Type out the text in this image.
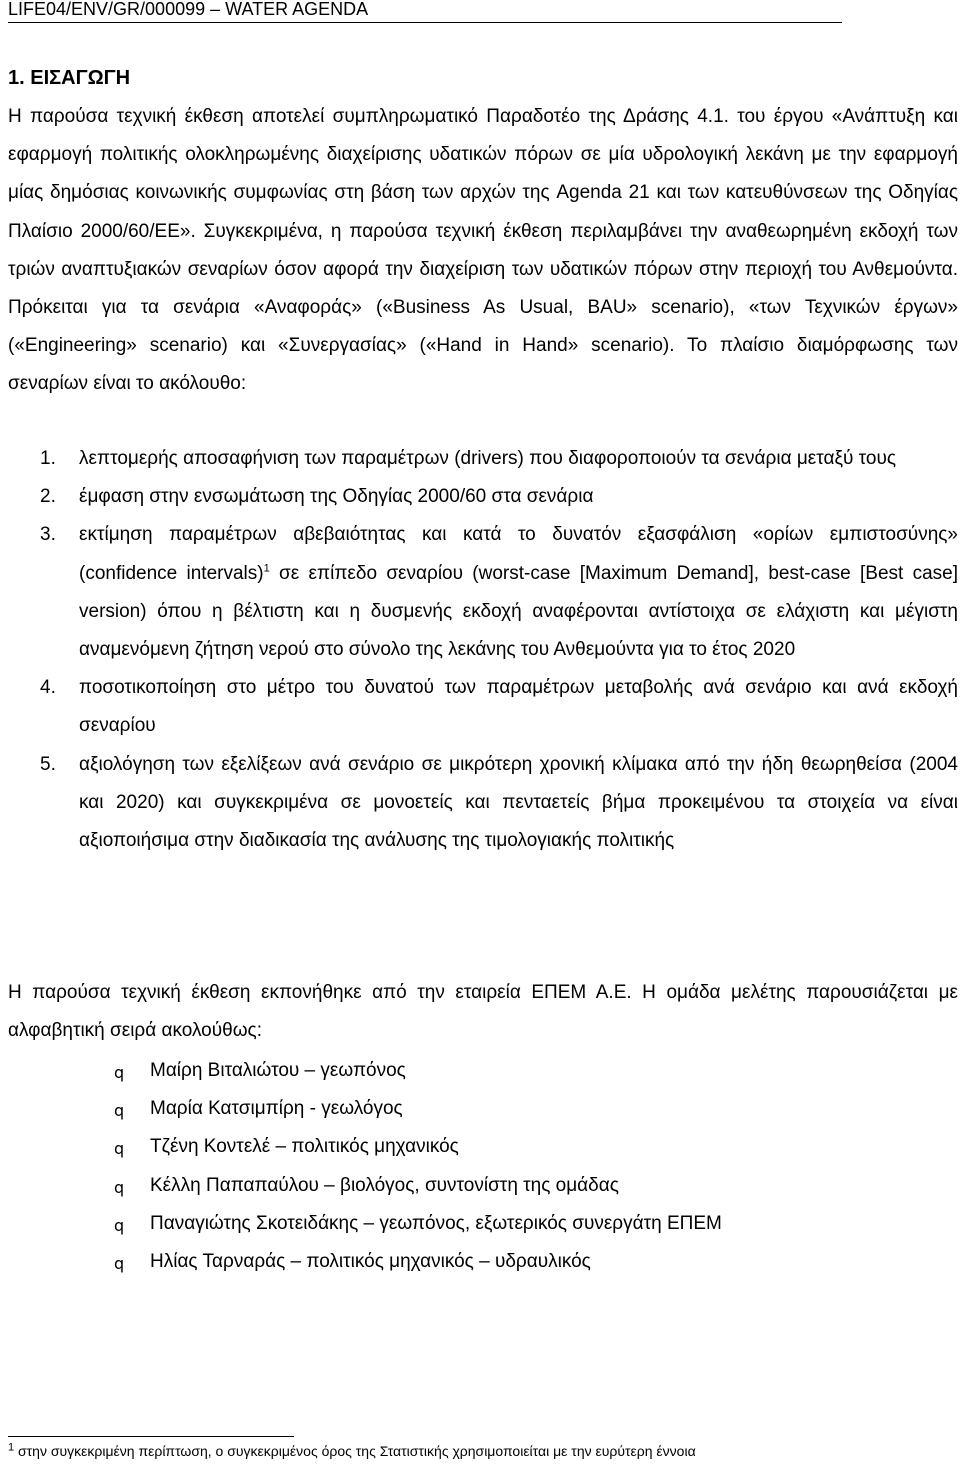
LIFE04/ENV/GR/000099 – WATER AGENDA
1. ΕΙΣΑΓΩΓΗ

Η παρούσα τεχνική έκθεση αποτελεί συμπληρωματικό Παραδοτέο της Δράσης 4.1. του έργου «Ανάπτυξη και εφαρμογή πολιτικής ολοκληρωμένης διαχείρισης υδατικών πόρων σε μία υδρολογική λεκάνη με την εφαρμογή μίας δημόσιας κοινωνικής συμφωνίας στη βάση των αρχών της Agenda 21 και των κατευθύνσεων της Οδηγίας Πλαίσιο 2000/60/ΕΕ». Συγκεκριμένα, η παρούσα τεχνική έκθεση περιλαμβάνει την αναθεωρημένη εκδοχή των τριών αναπτυξιακών σεναρίων όσον αφορά την διαχείριση των υδατικών πόρων στην περιοχή του Ανθεμούντα. Πρόκειται για τα σενάρια «Αναφοράς» («Business As Usual, BAU» scenario), «των Τεχνικών έργων» («Engineering» scenario) και «Συνεργασίας» («Hand in Hand» scenario). Το πλαίσιο διαμόρφωσης των σεναρίων είναι το ακόλουθο:

1. λεπτομερής αποσαφήνιση των παραμέτρων (drivers) που διαφοροποιούν τα σενάρια μεταξύ τους
2. έμφαση στην ενσωμάτωση της Οδηγίας 2000/60 στα σενάρια
3. εκτίμηση παραμέτρων αβεβαιότητας και κατά το δυνατόν εξασφάλιση «ορίων εμπιστοσύνης» (confidence intervals)$^1$ σε επίπεδο σεναρίου (worst-case [Maximum Demand], best-case [Best case] version) όπου η βέλτιστη και η δυσμενής εκδοχή αναφέρονται αντίστοιχα σε ελάχιστη και μέγιστη αναμενόμενη ζήτηση νερού στο σύνολο της λεκάνης του Ανθεμούντα για το έτος 2020
4. ποσοτικοποίηση στο μέτρο του δυνατού των παραμέτρων μεταβολής ανά σενάριο και ανά εκδοχή σεναρίου
5. αξιολόγηση των εξελίξεων ανά σενάριο σε μικρότερη χρονική κλίμακα από την ήδη θεωρηθείσα (2004 και 2020) και συγκεκριμένα σε μονοετείς και πενταετείς βήμα προκειμένου τα στοιχεία να είναι αξιοποιήσιμα στην διαδικασία της ανάλυσης της τιμολογιακής πολιτικής

Η παρούσα τεχνική έκθεση εκπονήθηκε από την εταιρεία ΕΠΕΜ Α.Ε. Η ομάδα μελέτης παρουσιάζεται με αλφαβητική σειρά ακολούθως:

q Μαίρη Βιταλιώτου – γεωπόνος
q Μαρία Κατσιμπίρη - γεωλόγος
q Τζένη Κοντελέ – πολιτικός μηχανικός
q Κέλλη Παπαπαύλου – βιολόγος, συντονίστη της ομάδας
q Παναγιώτης Σκοτειδάκης – γεωπόνος, εξωτερικός συνεργάτη ΕΠΕΜ
q Ηλίας Ταρναράς – πολιτικός μηχανικός – υδραυλικός
$^1$ στην συγκεκριμένη περίπτωση, ο συγκεκριμένος όρος της Στατιστικής χρησιμοποιείται με την ευρύτερη έννοια
